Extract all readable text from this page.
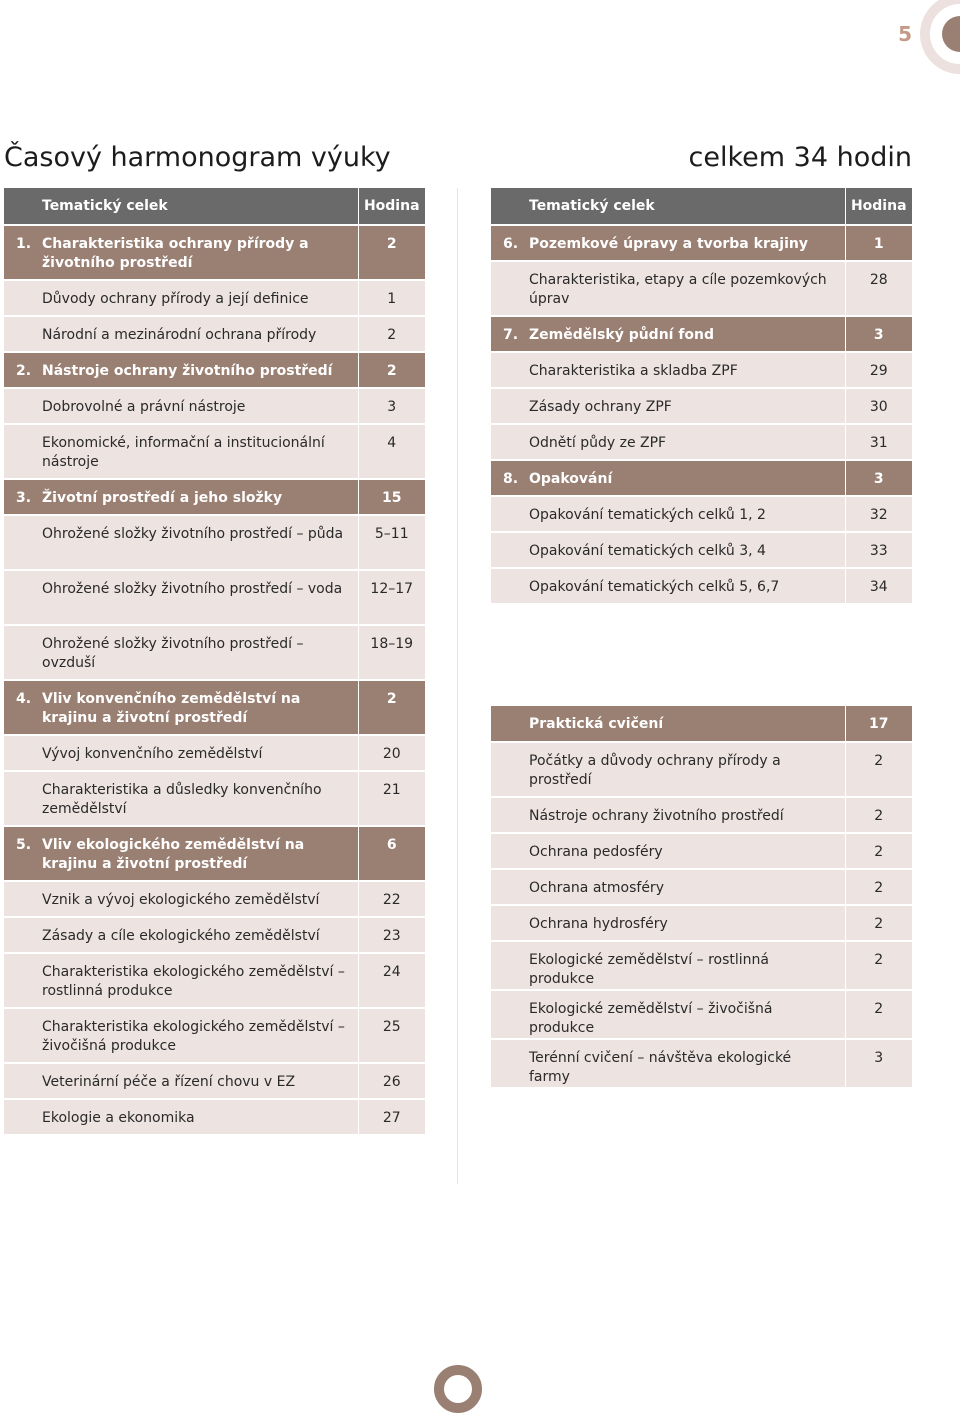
5
Časový harmonogram výuky	celkem 34 hodin
Tematický celek	Hodina

1. Charakteristika ochrany přírody a životního prostředí	2
Důvody ochrany přírody a její definice	1
Národní a mezinárodní ochrana přírody	2

2. Nástroje ochrany životního prostředí	2
Dobrovolné a právní nástroje	3
Ekonomické, informační a institucionální nástroje	4

3. Životní prostředí a jeho složky	15
Ohrožené složky životního prostředí – půda	5–11
Ohrožené složky životního prostředí – voda	12–17
Ohrožené složky životního prostředí – ovzduší	18–19

4. Vliv konvenčního zemědělství na krajinu a životní prostředí	2
Vývoj konvenčního zemědělství	20
Charakteristika a důsledky konvenčního zemědělství	21

5. Vliv ekologického zemědělství na krajinu a životní prostředí	6
Vznik a vývoj ekologického zemědělství	22
Zásady a cíle ekologického zemědělství	23
Charakteristika ekologického zemědělství – rostlinná produkce	24
Charakteristika ekologického zemědělství – živočišná produkce	25
Veterinární péče a řízení chovu v EZ	26
Ekologie a ekonomika	27
Tematický celek	Hodina

6. Pozemkové úpravy a tvorba krajiny	1
Charakteristika, etapy a cíle pozemkových úprav	28

7. Zemědělský půdní fond	3
Charakteristika a skladba ZPF	29
Zásady ochrany ZPF	30
Odnětí půdy ze ZPF	31

8. Opakování	3
Opakování tematických celků 1, 2	32
Opakování tematických celků 3, 4	33
Opakování tematických celků 5, 6,7	34
Praktická cvičení	17
Počátky a důvody ochrany přírody a prostředí	2
Nástroje ochrany životního prostředí	2
Ochrana pedosféry	2
Ochrana atmosféry	2
Ochrana hydrosféry	2
Ekologické zemědělství – rostlinná produkce	2
Ekologické zemědělství – živočišná produkce	2
Terénní cvičení – návštěva ekologické farmy	3
